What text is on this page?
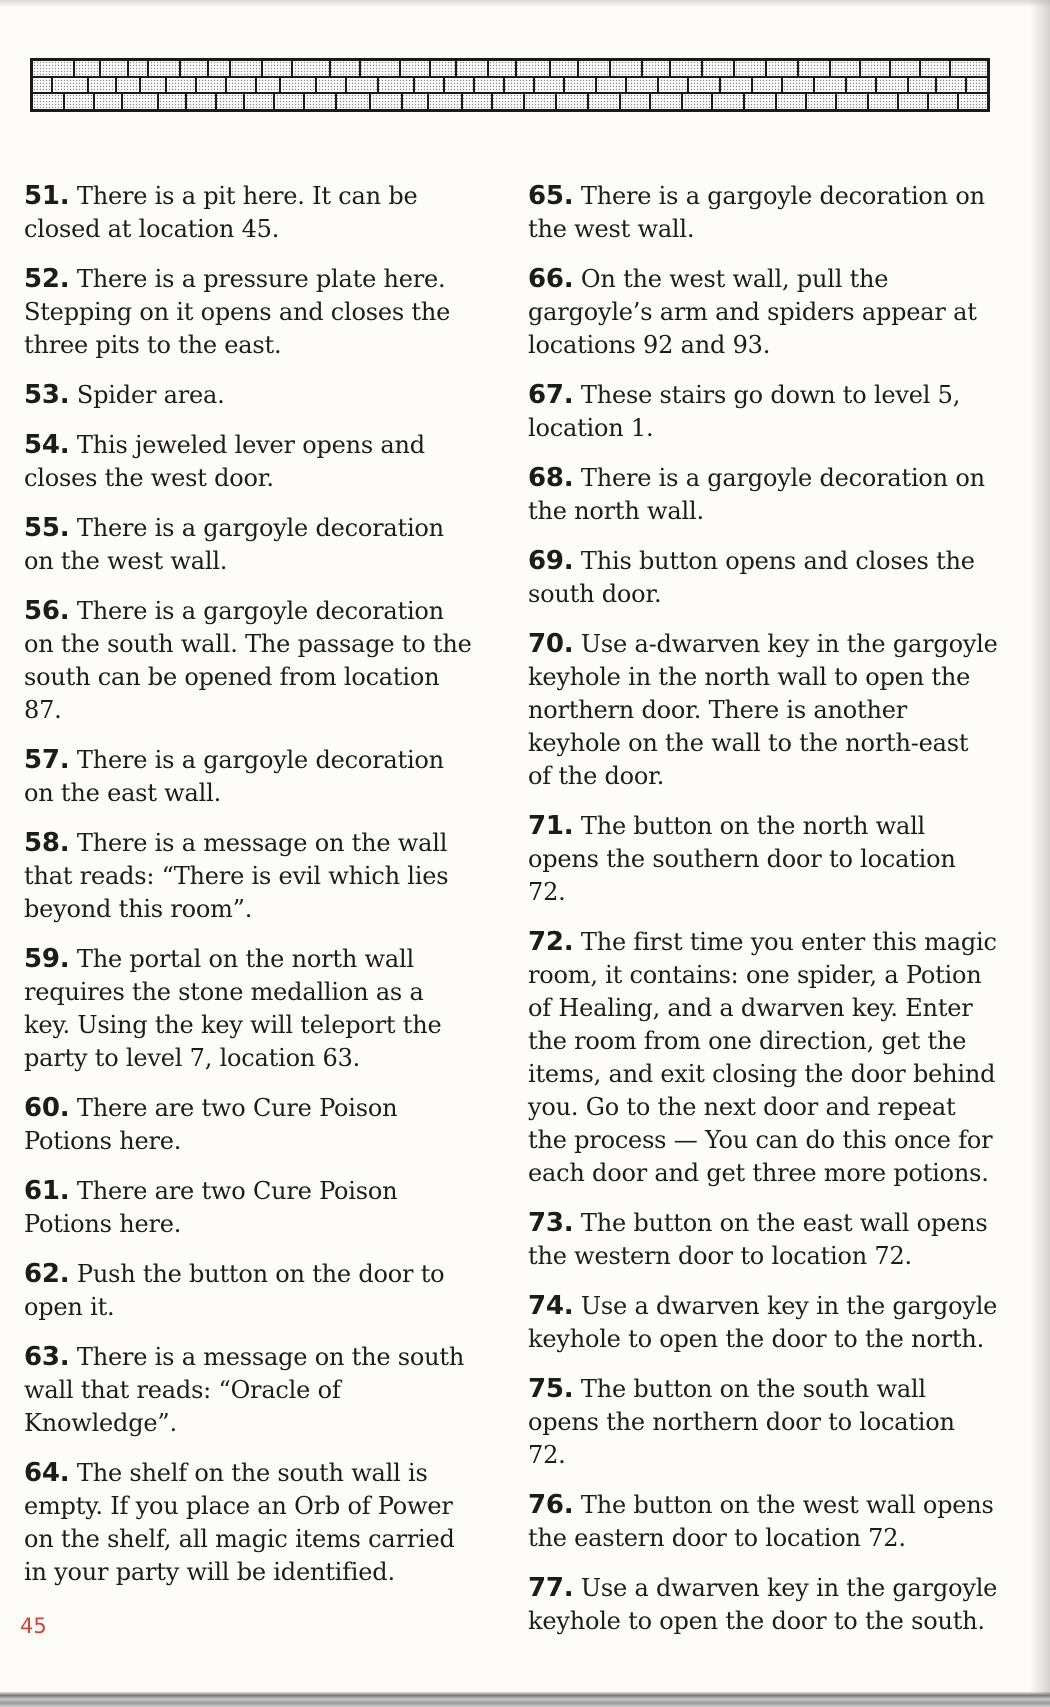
51. There is a pit here. It can be closed at location 45.

52. There is a pressure plate here. Stepping on it opens and closes the three pits to the east.

53. Spider area.

54. This jeweled lever opens and closes the west door.

55. There is a gargoyle decoration on the west wall.

56. There is a gargoyle decoration on the south wall. The passage to the south can be opened from location 87.

57. There is a gargoyle decoration on the east wall.

58. There is a message on the wall that reads: “There is evil which lies beyond this room”.

59. The portal on the north wall requires the stone medallion as a key. Using the key will teleport the party to level 7, location 63.

60. There are two Cure Poison Potions here.

61. There are two Cure Poison Potions here.

62. Push the button on the door to open it.

63. There is a message on the south wall that reads: “Oracle of Knowledge”.

64. The shelf on the south wall is empty. If you place an Orb of Power on the shelf, all magic items carried in your party will be identified.

65. There is a gargoyle decoration on the west wall.

66. On the west wall, pull the gargoyle’s arm and spiders appear at locations 92 and 93.

67. These stairs go down to level 5, location 1.

68. There is a gargoyle decoration on the north wall.

69. This button opens and closes the south door.

70. Use a-dwarven key in the gargoyle keyhole in the north wall to open the northern door. There is another keyhole on the wall to the north-east of the door.

71. The button on the north wall opens the southern door to location 72.

72. The first time you enter this magic room, it contains: one spider, a Potion of Healing, and a dwarven key. Enter the room from one direction, get the items, and exit closing the door behind you. Go to the next door and repeat the process — You can do this once for each door and get three more potions.

73. The button on the east wall opens the western door to location 72.

74. Use a dwarven key in the gargoyle keyhole to open the door to the north.

75. The button on the south wall opens the northern door to location 72.

76. The button on the west wall opens the eastern door to location 72.

77. Use a dwarven key in the gargoyle keyhole to open the door to the south.

45
